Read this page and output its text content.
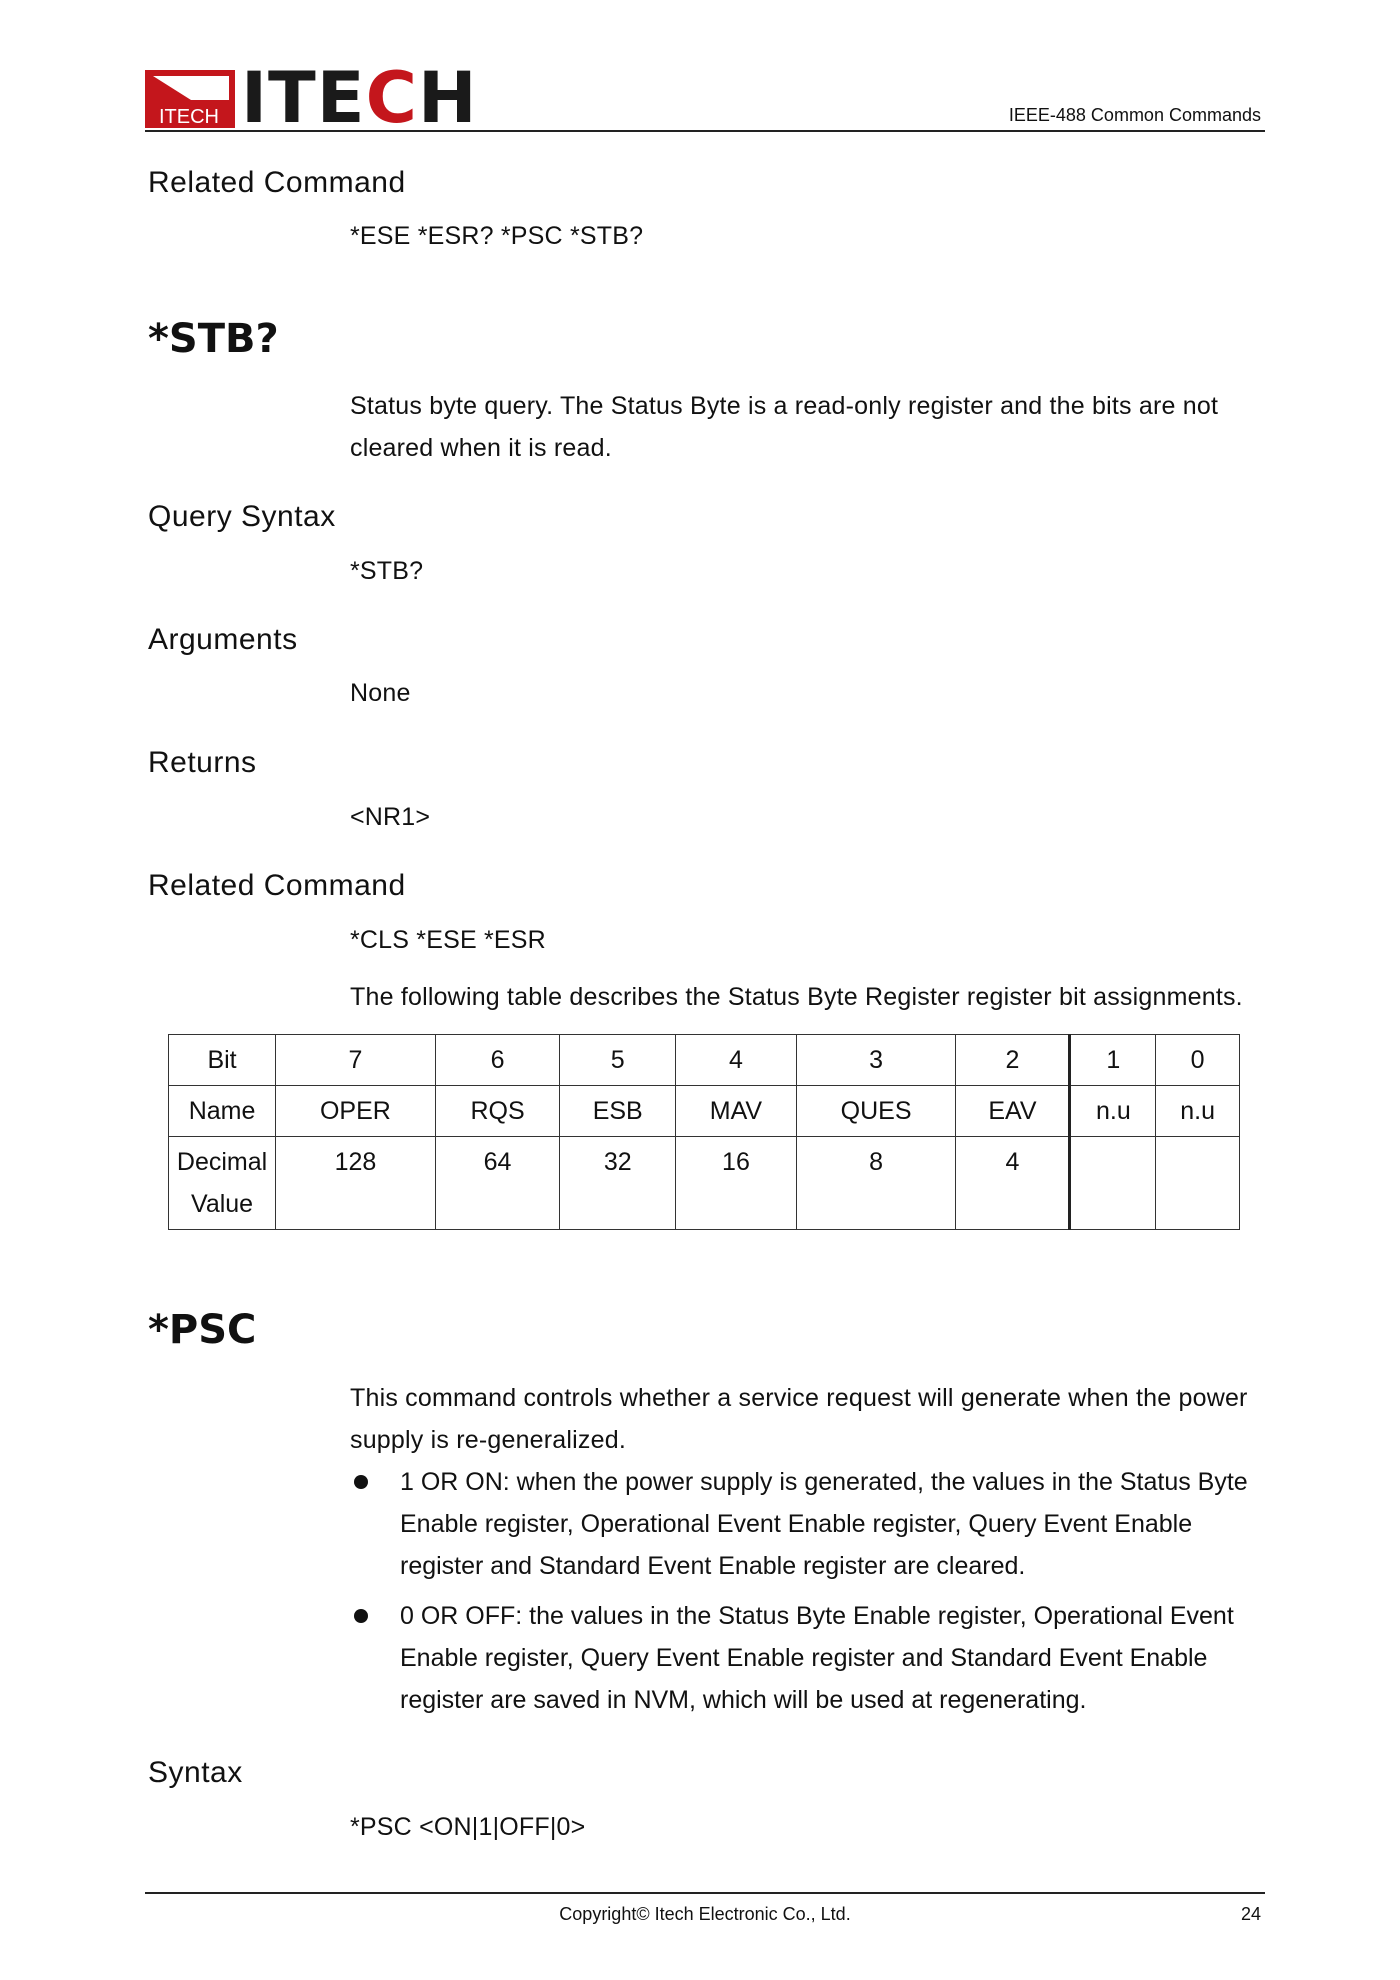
ITECH ITECH	IEEE-488 Common Commands
Related Command

*ESE *ESR? *PSC *STB?

*STB?

Status byte query. The Status Byte is a read-only register and the bits are not cleared when it is read.

Query Syntax

*STB?

Arguments

None

Returns

<NR1>

Related Command

*CLS *ESE *ESR

The following table describes the Status Byte Register register bit assignments.

Bit	7	6	5	4	3	2	1	0
Name	OPER	RQS	ESB	MAV	QUES	EAV	n.u	n.u
Decimal Value	128	64	32	16	8	4		
*PSC

This command controls whether a service request will generate when the power supply is re-generalized.

1 OR ON: when the power supply is generated, the values in the Status Byte Enable register, Operational Event Enable register, Query Event Enable register and Standard Event Enable register are cleared.
0 OR OFF: the values in the Status Byte Enable register, Operational Event Enable register, Query Event Enable register and Standard Event Enable register are saved in NVM, which will be used at regenerating.
Syntax

*PSC <ON|1|OFF|0>

Copyright© Itech Electronic Co., Ltd.	24
